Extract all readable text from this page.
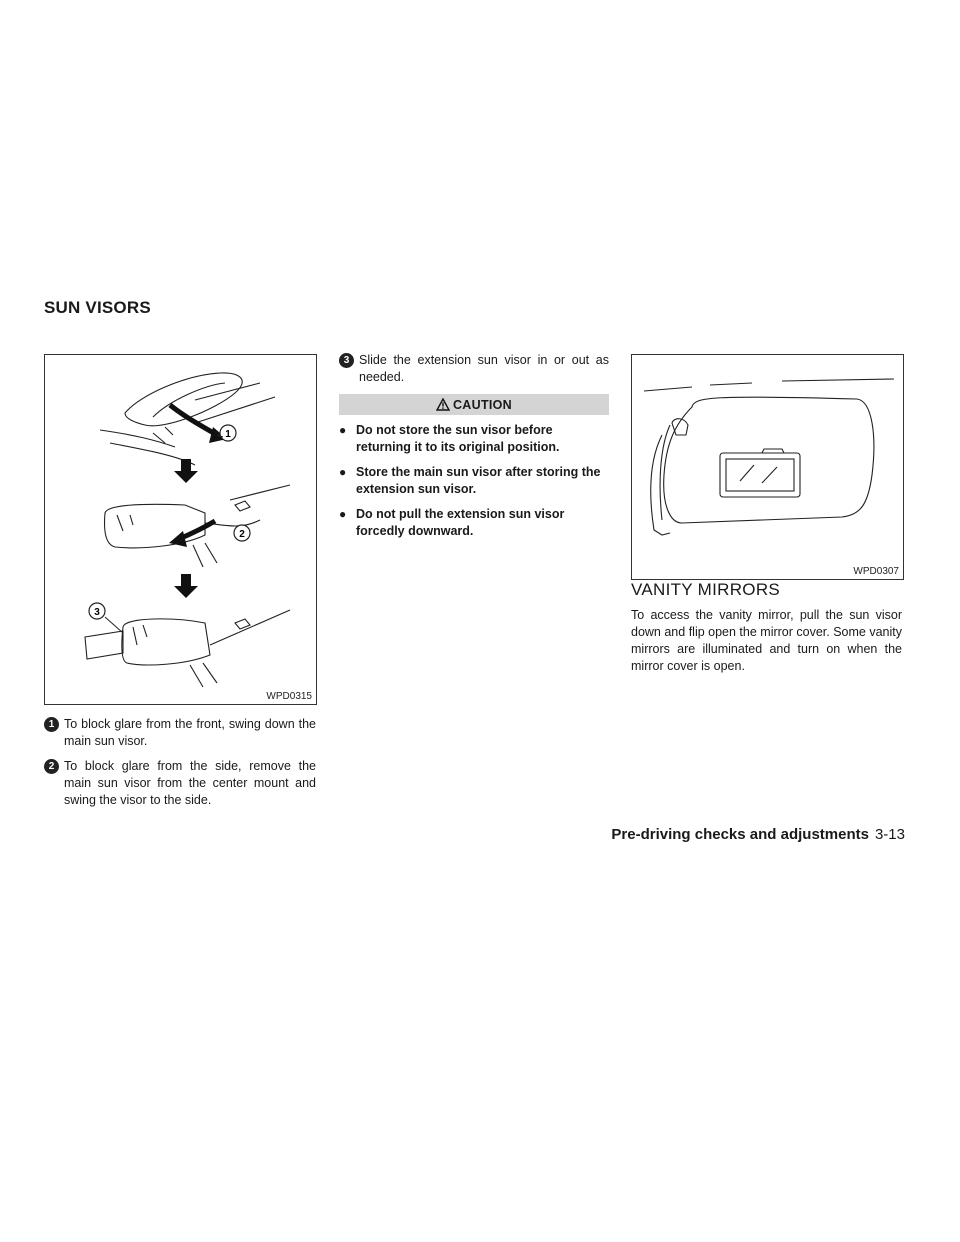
SUN VISORS
1
2
3
WPD0315
1 To block glare from the front, swing down the main sun visor.
2 To block glare from the side, remove the main sun visor from the center mount and swing the visor to the side.
3 Slide the extension sun visor in or out as needed.
CAUTION
● Do not store the sun visor before returning it to its original position.
● Store the main sun visor after storing the extension sun visor.
● Do not pull the extension sun visor forcedly downward.
WPD0307
VANITY MIRRORS
To access the vanity mirror, pull the sun visor down and flip open the mirror cover. Some vanity mirrors are illuminated and turn on when the mirror cover is open.
Pre-driving checks and adjustments 3-13
